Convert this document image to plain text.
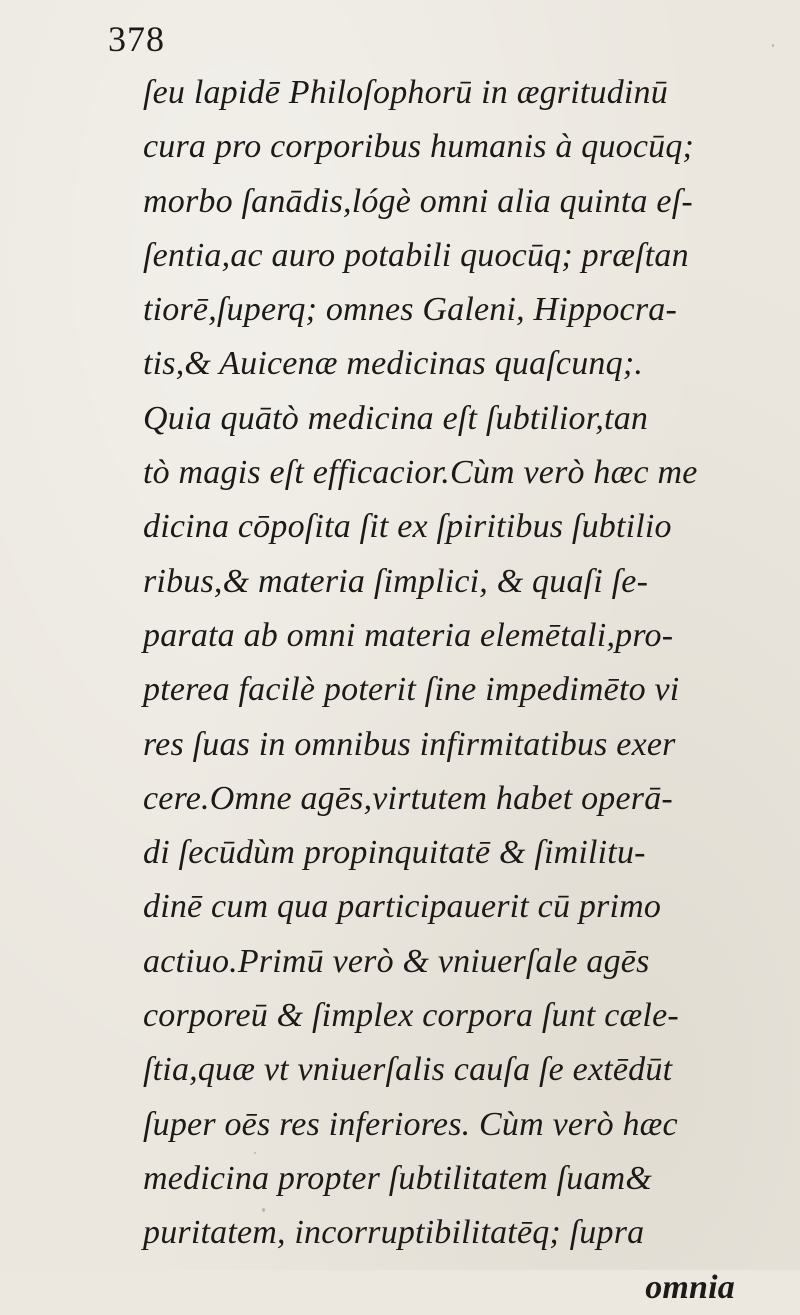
378
ſeu lapidē Philoſophorū in ægritudinū
cura pro corporibus humanis à quocūq;
morbo ſanādis,lógè omni alia quinta eſ-
ſentia,ac auro potabili quocūq; præſtan
tiorē,ſuperq; omnes Galeni, Hippocra-
tis,& Auicenæ medicinas quaſcunq;.
Quia quātò medicina eſt ſubtilior,tan
tò magis eſt efficacior.Cùm verò hæc me
dicina cōpoſita ſit ex ſpiritibus ſubtilio
ribus,& materia ſimplici, & quaſi ſe-
parata ab omni materia elemētali,pro-
pterea facilè poterit ſine impedimēto vi
res ſuas in omnibus infirmitatibus exer
cere.Omne agēs,virtutem habet operā-
di ſecūdùm propinquitatē & ſimilitu-
dinē cum qua participauerit cū primo
actiuo.Primū verò & vniuerſale agēs
corporeū & ſimplex corpora ſunt cæle-
ſtia,quæ vt vniuerſalis cauſa ſe extēdūt
ſuper oēs res inferiores. Cùm verò hæc
medicina propter ſubtilitatem ſuam&
puritatem, incorruptibilitatēq; ſupra
omnia
